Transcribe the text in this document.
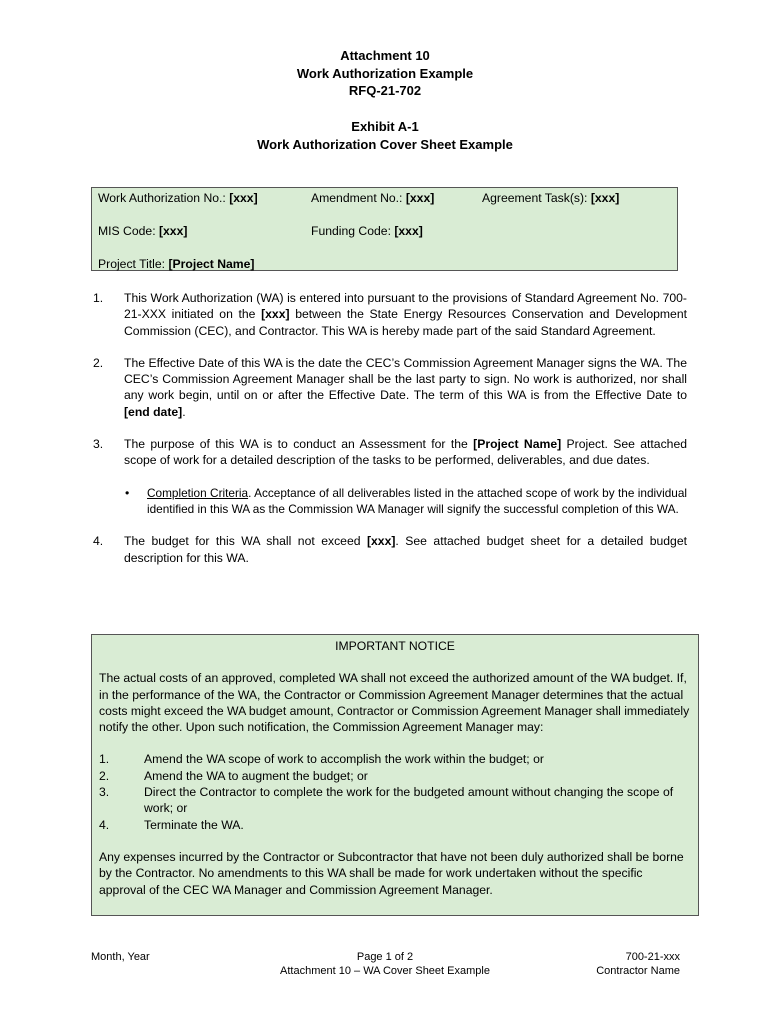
Attachment 10
Work Authorization Example
RFQ-21-702
Exhibit A-1
Work Authorization Cover Sheet Example
Work Authorization No.: [xxx]	Amendment No.: [xxx]	Agreement Task(s): [xxx]
MIS Code: [xxx]	Funding Code: [xxx]
Project Title: [Project Name]
1. This Work Authorization (WA) is entered into pursuant to the provisions of Standard Agreement No. 700-21-XXX initiated on the [xxx] between the State Energy Resources Conservation and Development Commission (CEC), and Contractor. This WA is hereby made part of the said Standard Agreement.

2. The Effective Date of this WA is the date the CEC’s Commission Agreement Manager signs the WA. The CEC’s Commission Agreement Manager shall be the last party to sign. No work is authorized, nor shall any work begin, until on or after the Effective Date. The term of this WA is from the Effective Date to [end date].

3. The purpose of this WA is to conduct an Assessment for the [Project Name] Project. See attached scope of work for a detailed description of the tasks to be performed, deliverables, and due dates.

• Completion Criteria. Acceptance of all deliverables listed in the attached scope of work by the individual identified in this WA as the Commission WA Manager will signify the successful completion of this WA.

4. The budget for this WA shall not exceed [xxx]. See attached budget sheet for a detailed budget description for this WA.

IMPORTANT NOTICE

The actual costs of an approved, completed WA shall not exceed the authorized amount of the WA budget. If, in the performance of the WA, the Contractor or Commission Agreement Manager determines that the actual costs might exceed the WA budget amount, Contractor or Commission Agreement Manager shall immediately notify the other. Upon such notification, the Commission Agreement Manager may:

1.	Amend the WA scope of work to accomplish the work within the budget; or
2.	Amend the WA to augment the budget; or
3.	Direct the Contractor to complete the work for the budgeted amount without changing the scope of work; or
4.	Terminate the WA.

Any expenses incurred by the Contractor or Subcontractor that have not been duly authorized shall be borne by the Contractor. No amendments to this WA shall be made for work undertaken without the specific approval of the CEC WA Manager and Commission Agreement Manager.

Month, Year	Page 1 of 2
Attachment 10 – WA Cover Sheet Example
700-21-xxx
Contractor Name
